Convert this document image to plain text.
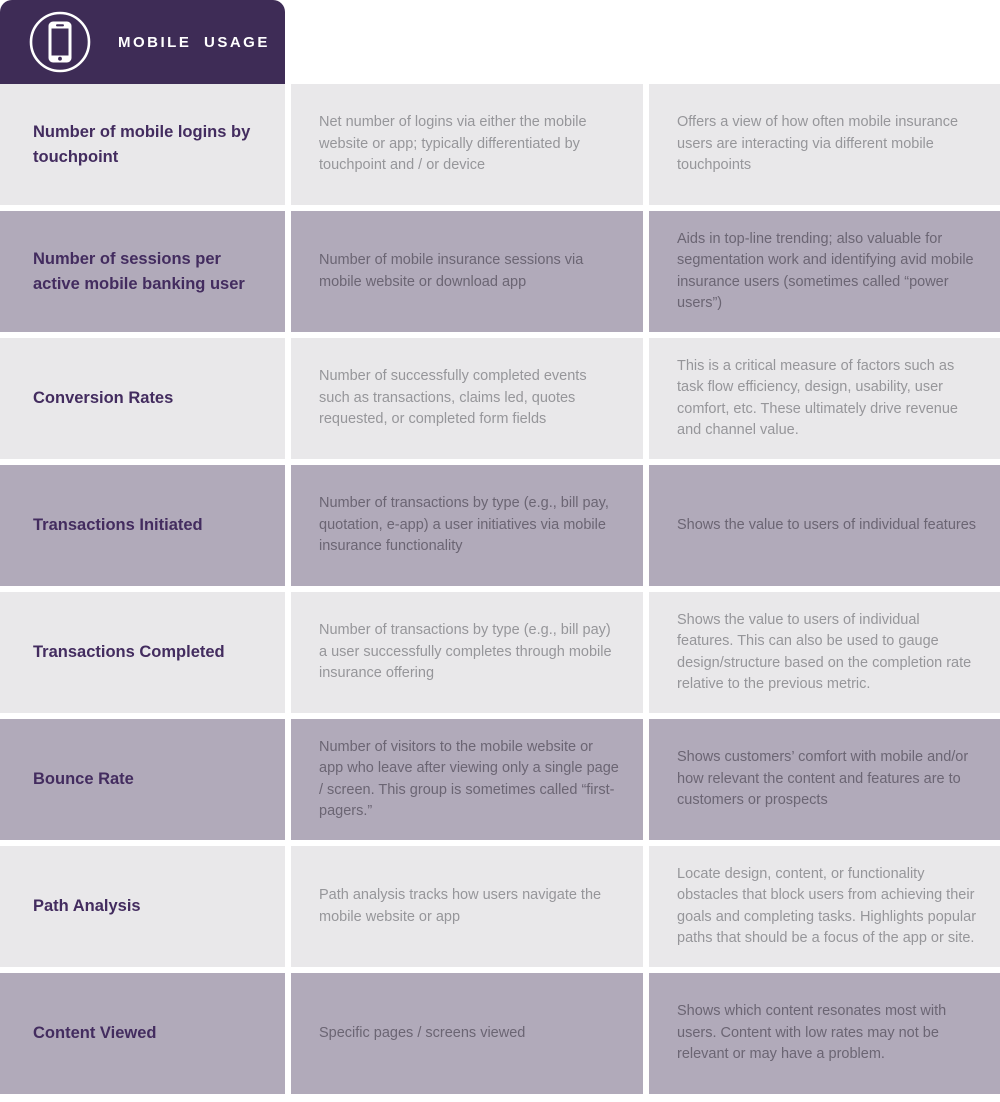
MOBILE USAGE
Number of mobile logins by touchpoint
Net number of logins via either the mobile website or app; typically differentiated by touchpoint and / or device
Offers a view of how often mobile insurance users are interacting via different mobile touchpoints
Number of sessions per active mobile banking user
Number of mobile insurance sessions via mobile website or download app
Aids in top-line trending; also valuable for segmentation work and identifying avid mobile insurance users (sometimes called “power users”)
Conversion Rates
Number of successfully completed events such as transactions, claims led, quotes requested, or completed form fields
This is a critical measure of factors such as task flow efficiency, design, usability, user comfort, etc. These ultimately drive revenue and channel value.
Transactions Initiated
Number of transactions by type (e.g., bill pay, quotation, e-app) a user initiatives via mobile insurance functionality
Shows the value to users of individual features
Transactions Completed
Number of transactions by type (e.g., bill pay) a user successfully completes through mobile insurance offering
Shows the value to users of individual features. This can also be used to gauge design/structure based on the completion rate relative to the previous metric.
Bounce Rate
Number of visitors to the mobile website or app who leave after viewing only a single page / screen. This group is sometimes called “first-pagers.”
Shows customers’ comfort with mobile and/or how relevant the content and features are to customers or prospects
Path Analysis
Path analysis tracks how users navigate the mobile website or app
Locate design, content, or functionality obstacles that block users from achieving their goals and completing tasks. Highlights popular paths that should be a focus of the app or site.
Content Viewed	Specific pages / screens viewed
Shows which content resonates most with users. Content with low rates may not be relevant or may have a problem.
